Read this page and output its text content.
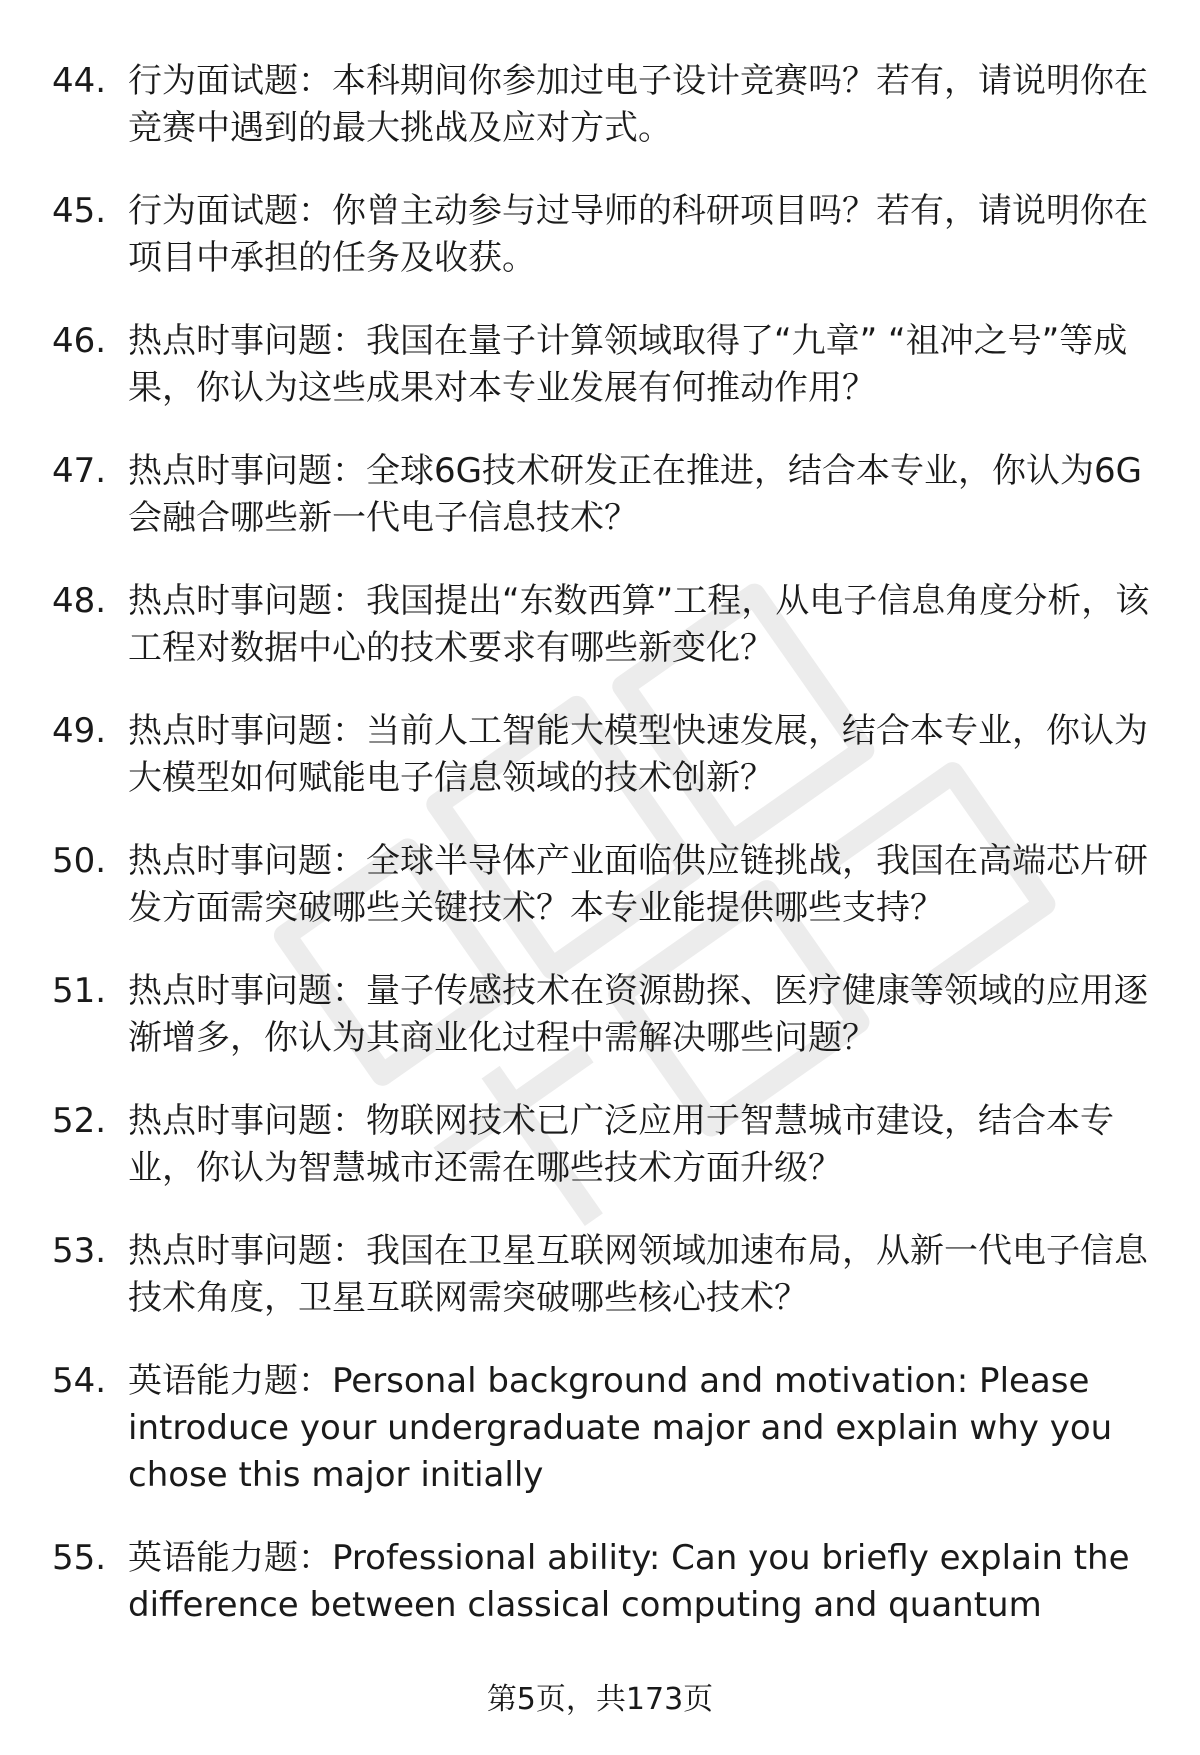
44. 行为面试题：本科期间你参加过电子设计竞赛吗？若有，请说明你在竞赛中遇到的最大挑战及应对方式。
45. 行为面试题：你曾主动参与过导师的科研项目吗？若有，请说明你在项目中承担的任务及收获。
46. 热点时事问题：我国在量子计算领域取得了“九章” “祖冲之号”等成果，你认为这些成果对本专业发展有何推动作用？
47. 热点时事问题：全球6G技术研发正在推进，结合本专业，你认为6G会融合哪些新一代电子信息技术？
48. 热点时事问题：我国提出“东数西算”工程，从电子信息角度分析，该工程对数据中心的技术要求有哪些新变化？
49. 热点时事问题：当前人工智能大模型快速发展，结合本专业，你认为大模型如何赋能电子信息领域的技术创新？
50. 热点时事问题：全球半导体产业面临供应链挑战，我国在高端芯片研发方面需突破哪些关键技术？本专业能提供哪些支持？
51. 热点时事问题：量子传感技术在资源勘探、医疗健康等领域的应用逐渐增多，你认为其商业化过程中需解决哪些问题？
52. 热点时事问题：物联网技术已广泛应用于智慧城市建设，结合本专业，你认为智慧城市还需在哪些技术方面升级？
53. 热点时事问题：我国在卫星互联网领域加速布局，从新一代电子信息技术角度，卫星互联网需突破哪些核心技术？
54. 英语能力题：Personal background and motivation: Please introduce your undergraduate major and explain why you chose this major initially
55. 英语能力题：Professional ability: Can you briefly explain the difference between classical computing and quantum
第5页，共173页
